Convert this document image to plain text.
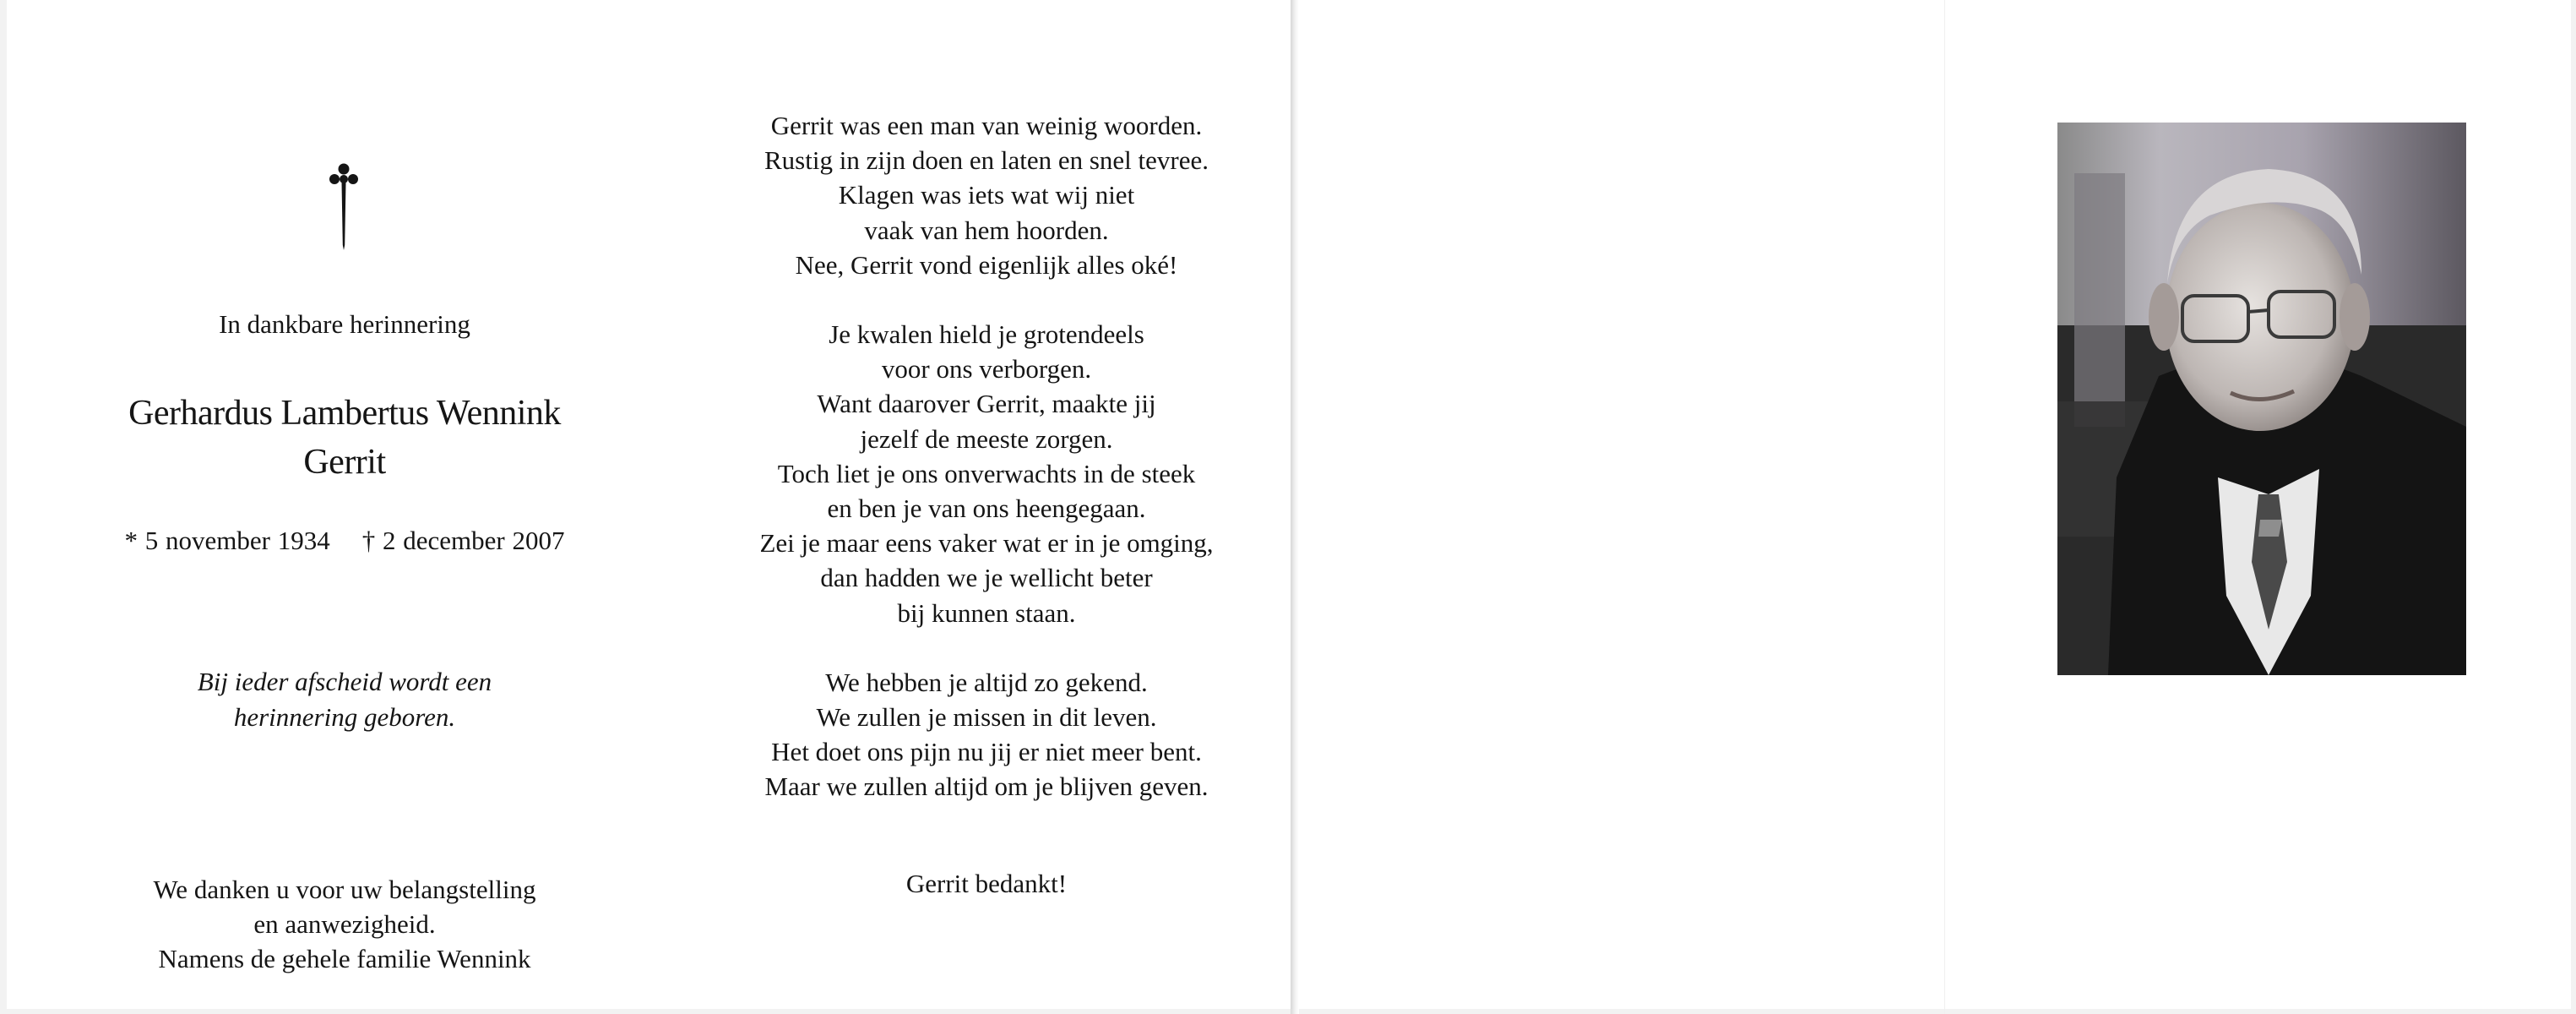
In dankbare herinnering
Gerhardus Lambertus Wennink
Gerrit
* 5 november 1934 † 2 december 2007
Bij ieder afscheid wordt een
herinnering geboren.
We danken u voor uw belangstelling
en aanwezigheid.
Namens de gehele familie Wennink
Gerrit was een man van weinig woorden.
Rustig in zijn doen en laten en snel tevree.
Klagen was iets wat wij niet
vaak van hem hoorden.
Nee, Gerrit vond eigenlijk alles oké!
Je kwalen hield je grotendeels
voor ons verborgen.
Want daarover Gerrit, maakte jij
jezelf de meeste zorgen.
Toch liet je ons onverwachts in de steek
en ben je van ons heengegaan.
Zei je maar eens vaker wat er in je omging,
dan hadden we je wellicht beter
bij kunnen staan.
We hebben je altijd zo gekend.
We zullen je missen in dit leven.
Het doet ons pijn nu jij er niet meer bent.
Maar we zullen altijd om je blijven geven.
Gerrit bedankt!
